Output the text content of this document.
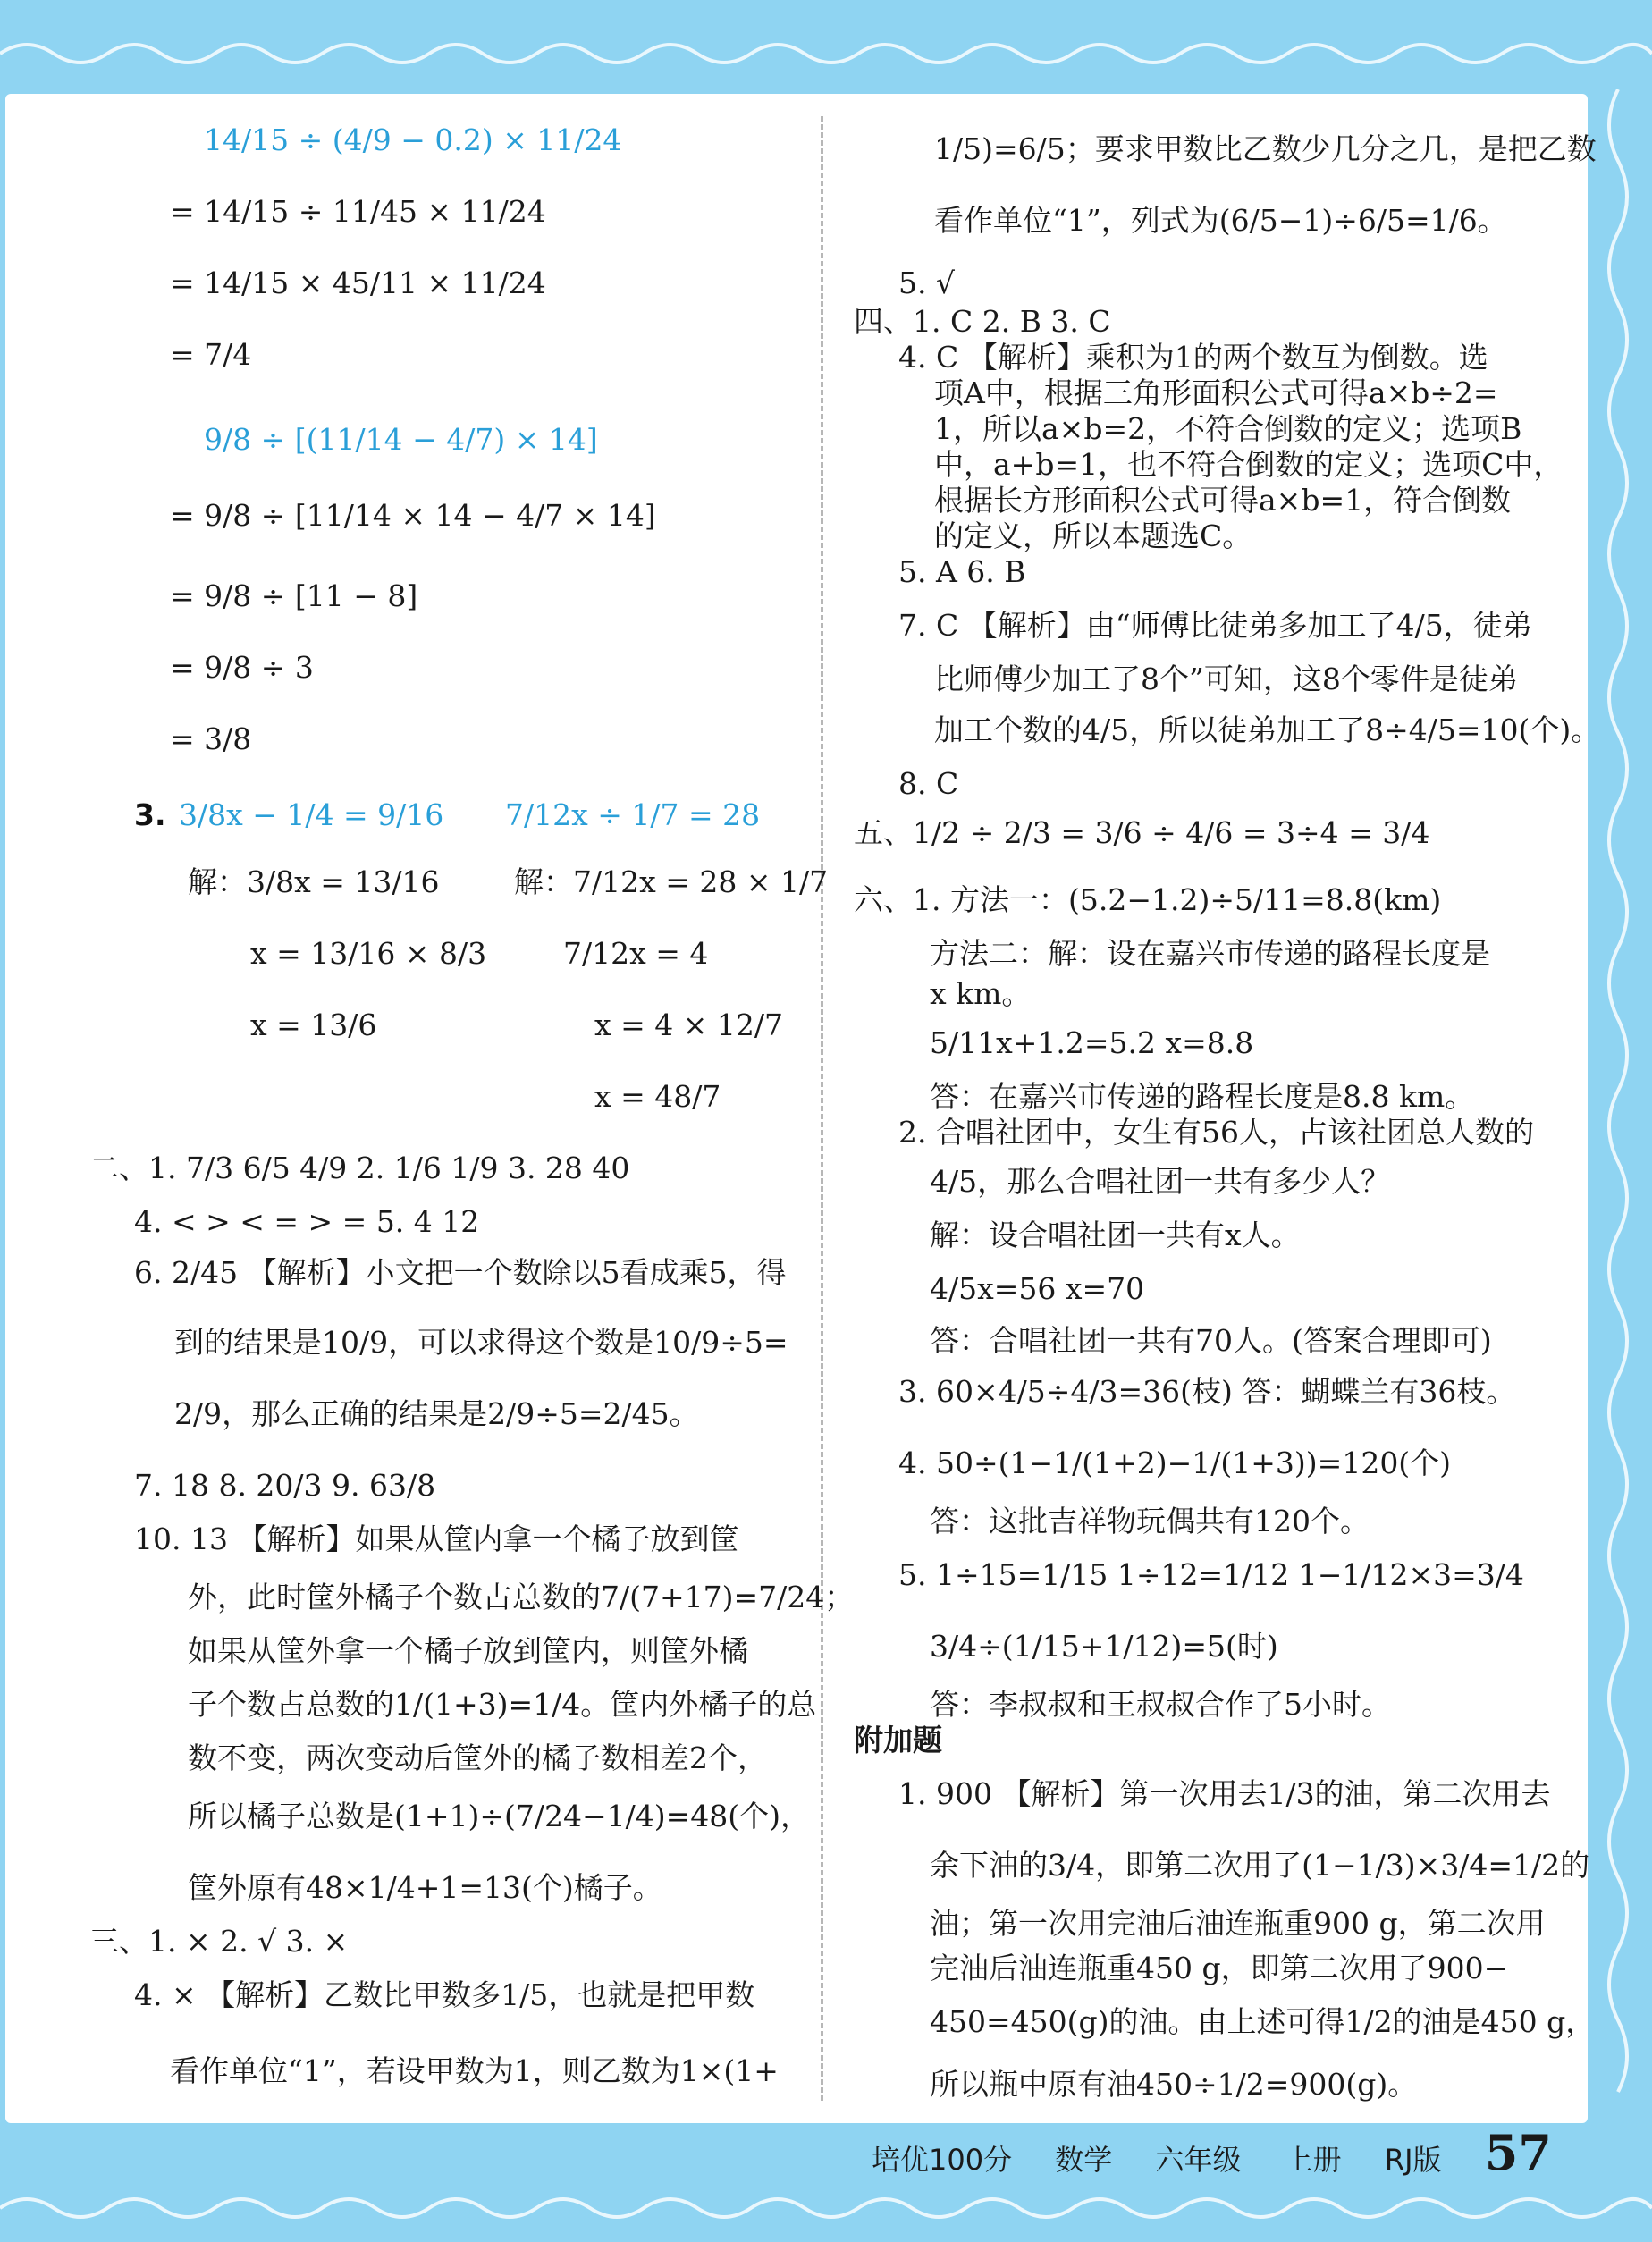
14/15 ÷ (4/9 − 0.2) × 11/24
= 14/15 ÷ 11/45 × 11/24
= 14/15 × 45/11 × 11/24
= 7/4
9/8 ÷ [(11/14 − 4/7) × 14]
= 9/8 ÷ [11/14 × 14 − 4/7 × 14]
= 9/8 ÷ [11 − 8]
= 9/8 ÷ 3
= 3/8
3. 3/8x − 1/4 = 9/16
解：3/8x = 13/16
x = 13/16 × 8/3
x = 13/6
7/12x ÷ 1/7 = 28
解：7/12x = 28 × 1/7
7/12x = 4
x = 4 × 12/7
x = 48/7
二、1. 7/3 6/5 4/9 2. 1/6 1/9 3. 28 40
4. < > < = > = 5. 4 12
6. 2/45 【解析】小文把一个数除以5看成乘5，得
到的结果是10/9，可以求得这个数是10/9÷5=
2/9，那么正确的结果是2/9÷5=2/45。
7. 18 8. 20/3 9. 63/8
10. 13 【解析】如果从筐内拿一个橘子放到筐
外，此时筐外橘子个数占总数的7/(7+17)=7/24；
如果从筐外拿一个橘子放到筐内，则筐外橘
子个数占总数的1/(1+3)=1/4。筐内外橘子的总
数不变，两次变动后筐外的橘子数相差2个，
所以橘子总数是(1+1)÷(7/24−1/4)=48(个)，
筐外原有48×1/4+1=13(个)橘子。
三、1. × 2. √ 3. ×
4. × 【解析】乙数比甲数多1/5，也就是把甲数
看作单位“1”，若设甲数为1，则乙数为1×(1+
1/5)=6/5；要求甲数比乙数少几分之几，是把乙数
看作单位“1”，列式为(6/5−1)÷6/5=1/6。
5. √
四、1. C 2. B 3. C
4. C 【解析】乘积为1的两个数互为倒数。选
项A中，根据三角形面积公式可得a×b÷2=
1，所以a×b=2，不符合倒数的定义；选项B
中，a+b=1，也不符合倒数的定义；选项C中，
根据长方形面积公式可得a×b=1，符合倒数
的定义，所以本题选C。
5. A 6. B
7. C 【解析】由“师傅比徒弟多加工了4/5，徒弟
比师傅少加工了8个”可知，这8个零件是徒弟
加工个数的4/5，所以徒弟加工了8÷4/5=10(个)。
8. C
五、1/2 ÷ 2/3 = 3/6 ÷ 4/6 = 3÷4 = 3/4
六、1. 方法一：(5.2−1.2)÷5/11=8.8(km)
方法二：解：设在嘉兴市传递的路程长度是
x km。
5/11x+1.2=5.2 x=8.8
答：在嘉兴市传递的路程长度是8.8 km。
2. 合唱社团中，女生有56人，占该社团总人数的
4/5，那么合唱社团一共有多少人？
解：设合唱社团一共有x人。
4/5x=56 x=70
答：合唱社团一共有70人。(答案合理即可)
3. 60×4/5÷4/3=36(枝) 答：蝴蝶兰有36枝。
4. 50÷(1−1/(1+2)−1/(1+3))=120(个)
答：这批吉祥物玩偶共有120个。
5. 1÷15=1/15 1÷12=1/12 1−1/12×3=3/4
3/4÷(1/15+1/12)=5(时)
答：李叔叔和王叔叔合作了5小时。
附加题
1. 900 【解析】第一次用去1/3的油，第二次用去
余下油的3/4，即第二次用了(1−1/3)×3/4=1/2的
油；第一次用完油后油连瓶重900 g，第二次用
完油后油连瓶重450 g，即第二次用了900−
450=450(g)的油。由上述可得1/2的油是450 g，
所以瓶中原有油450÷1/2=900(g)。
培优100分 数学 六年级 上册 RJ版 57
